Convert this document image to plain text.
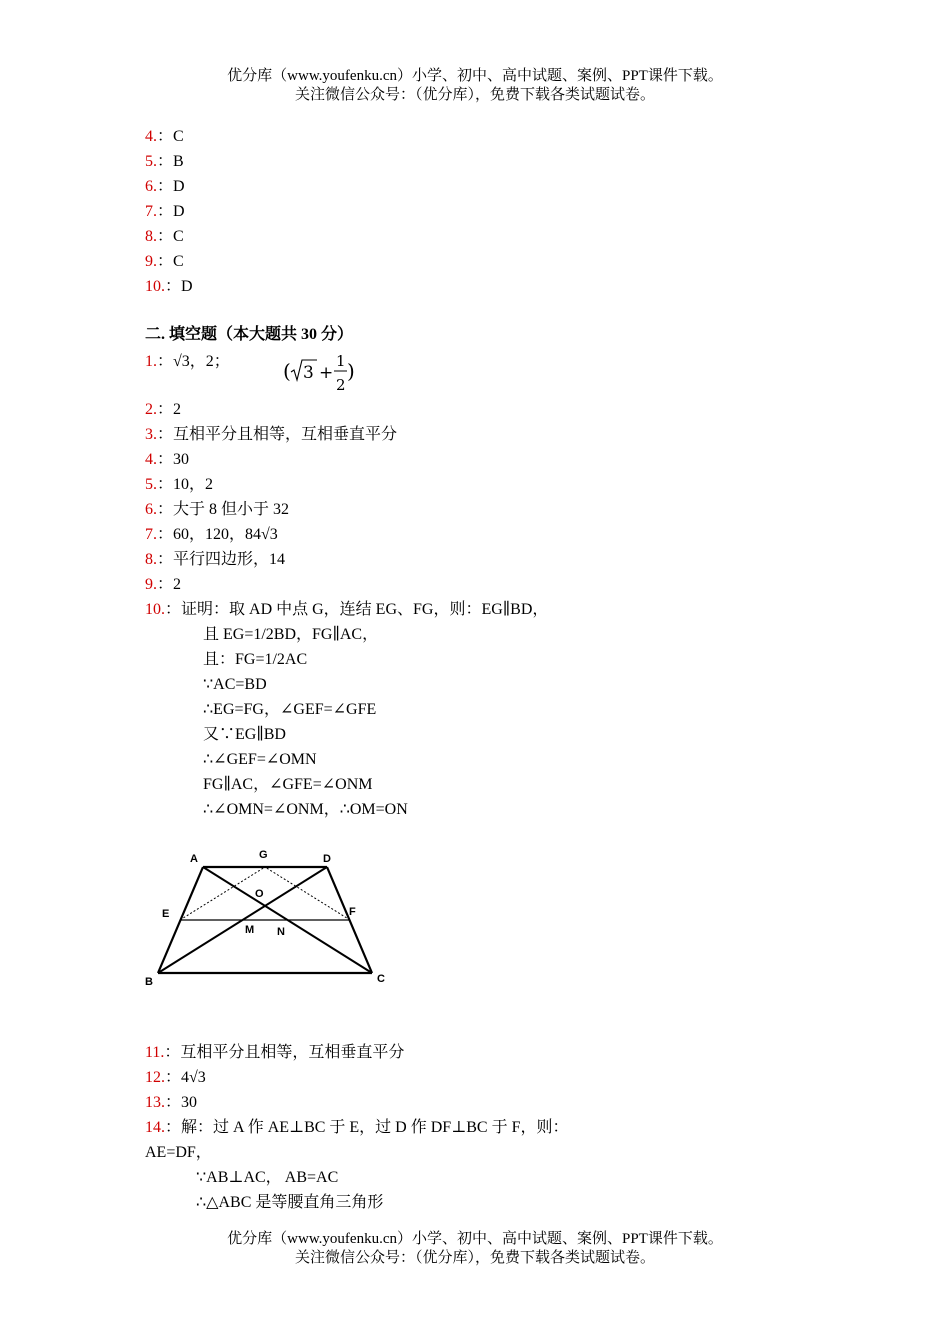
优分库（www.youfenku.cn）小学、初中、高中试题、案例、PPT课件下载。
关注微信公众号：（优分库），免费下载各类试题试卷。
4.：C
5.：B
6.：D
7.：D
8.：C
9.：C
10.：D
二. 填空题（本大题共 30 分）
1.：√3，2；	( 3 +
1
2
)
2.：2
3.：互相平分且相等，互相垂直平分
4.：30
5.：10，2
6.：大于 8 但小于 32
7.：60，120，84√3
8.：平行四边形，14
9.：2
10.：证明：取 AD 中点 G，连结 EG、FG，则：EG∥BD，
且 EG=1/2BD，FG∥AC，
且：FG=1/2AC
∵AC=BD
∴EG=FG，∠GEF=∠GFE
又∵EG∥BD
∴∠GEF=∠OMN
FG∥AC，∠GFE=∠ONM
∴∠OMN=∠ONM，∴OM=ON
A	G	D
O
E	F
M N
B	C
11.：互相平分且相等，互相垂直平分
12.：4√3
13.：30
14.：解：过 A 作 AE⊥BC 于 E，过 D 作 DF⊥BC 于 F，则：
AE=DF，
∵AB⊥AC， AB=AC
∴△ABC 是等腰直角三角形
优分库（www.youfenku.cn）小学、初中、高中试题、案例、PPT课件下载。
关注微信公众号：（优分库），免费下载各类试题试卷。
